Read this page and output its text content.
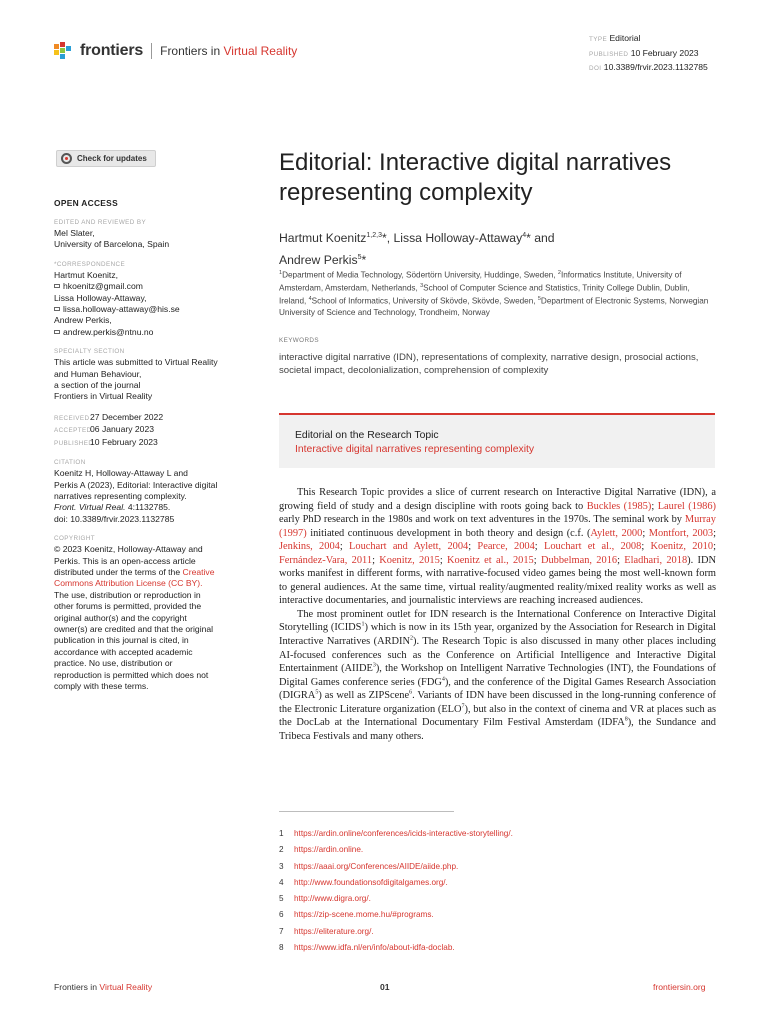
frontiers Frontiers in Virtual Reality
TYPE Editorial
PUBLISHED 10 February 2023
DOI 10.3389/frvir.2023.1132785
Check for updates
OPEN ACCESS
EDITED AND REVIEWED BY
Mel Slater,
University of Barcelona, Spain
*CORRESPONDENCE
Hartmut Koenitz,
hkoenitz@gmail.com
Lissa Holloway-Attaway,
lissa.holloway-attaway@his.se
Andrew Perkis,
andrew.perkis@ntnu.no
SPECIALTY SECTION
This article was submitted to Virtual Reality
and Human Behaviour,
a section of the journal
Frontiers in Virtual Reality
RECEIVED27 December 2022
ACCEPTED06 January 2023
PUBLISHED10 February 2023
CITATION
Koenitz H, Holloway-Attaway L and
Perkis A (2023), Editorial: Interactive digital
narratives representing complexity.
Front. Virtual Real. 4:1132785.
doi: 10.3389/frvir.2023.1132785
COPYRIGHT
© 2023 Koenitz, Holloway-Attaway and
Perkis. This is an open-access article
distributed under the terms of the Creative
Commons Attribution License (CC BY).
The use, distribution or reproduction in
other forums is permitted, provided the
original author(s) and the copyright
owner(s) are credited and that the original
publication in this journal is cited, in
accordance with accepted academic
practice. No use, distribution or
reproduction is permitted which does not
comply with these terms.
Editorial: Interactive digital narratives representing complexity
Hartmut Koenitz$^{1,2,3}$*, Lissa Holloway-Attaway$^4$* and
Andrew Perkis$^5$*
$^1$Department of Media Technology, Södertörn University, Huddinge, Sweden, $^2$Informatics Institute, University of Amsterdam, Amsterdam, Netherlands, $^3$School of Computer Science and Statistics, Trinity College Dublin, Dublin, Ireland, $^4$School of Informatics, University of Skövde, Skövde, Sweden, $^5$Department of Electronic Systems, Norwegian University of Science and Technology, Trondheim, Norway
KEYWORDS
interactive digital narrative (IDN), representations of complexity, narrative design, prosocial actions, societal impact, decolonialization, comprehension of complexity
Editorial on the Research Topic
Interactive digital narratives representing complexity

This Research Topic provides a slice of current research on Interactive Digital Narrative (IDN), a growing field of study and a design discipline with roots going back to Buckles (1985); Laurel (1986) early PhD research in the 1980s and work on text adventures in the 1970s. The seminal work by Murray (1997) initiated continuous development in both theory and design (c.f. (Aylett, 2000; Montfort, 2003; Jenkins, 2004; Louchart and Aylett, 2004; Pearce, 2004; Louchart et al., 2008; Koenitz, 2010; Fernández-Vara, 2011; Koenitz, 2015; Koenitz et al., 2015; Dubbelman, 2016; Eladhari, 2018). IDN works manifest in different forms, with narrative-focused video games being the most well-known form to general audiences. At the same time, virtual reality/augmented reality/mixed reality works as well as interactive documentaries, and journalistic interviews are reaching increased audiences.

The most prominent outlet for IDN research is the International Conference on Interactive Digital Storytelling (ICIDS$^1$) which is now in its 15th year, organized by the Association for Research in Digital Interactive Narratives (ARDIN$^2$). The Research Topic is also discussed in many other places including AI-focused conferences such as the Conference on Artificial Intelligence and Interactive Digital Entertainment (AIIDE$^3$), the Workshop on Intelligent Narrative Technologies (INT), the Foundations of Digital Games conference series (FDG$^4$), and the conference of the Digital Games Research Association (DIGRA$^5$) as well as ZIPScene$^6$. Variants of IDN have been discussed in the long-running conference of the Electronic Literature organization (ELO$^7$), but also in the context of cinema and VR at places such as the DocLab at the International Documentary Film Festival Amsterdam (IDFA$^8$), the Sundance and Tribeca Festivals and many others.

1 https://ardin.online/conferences/icids-interactive-storytelling/.
2 https://ardin.online.
3 https://aaai.org/Conferences/AIIDE/aiide.php.
4 http://www.foundationsofdigitalgames.org/.
5 http://www.digra.org/.
6 https://zip-scene.mome.hu/#programs.
7 https://eliterature.org/.
8 https://www.idfa.nl/en/info/about-idfa-doclab.
Frontiers in Virtual Reality	01	frontiersin.org
